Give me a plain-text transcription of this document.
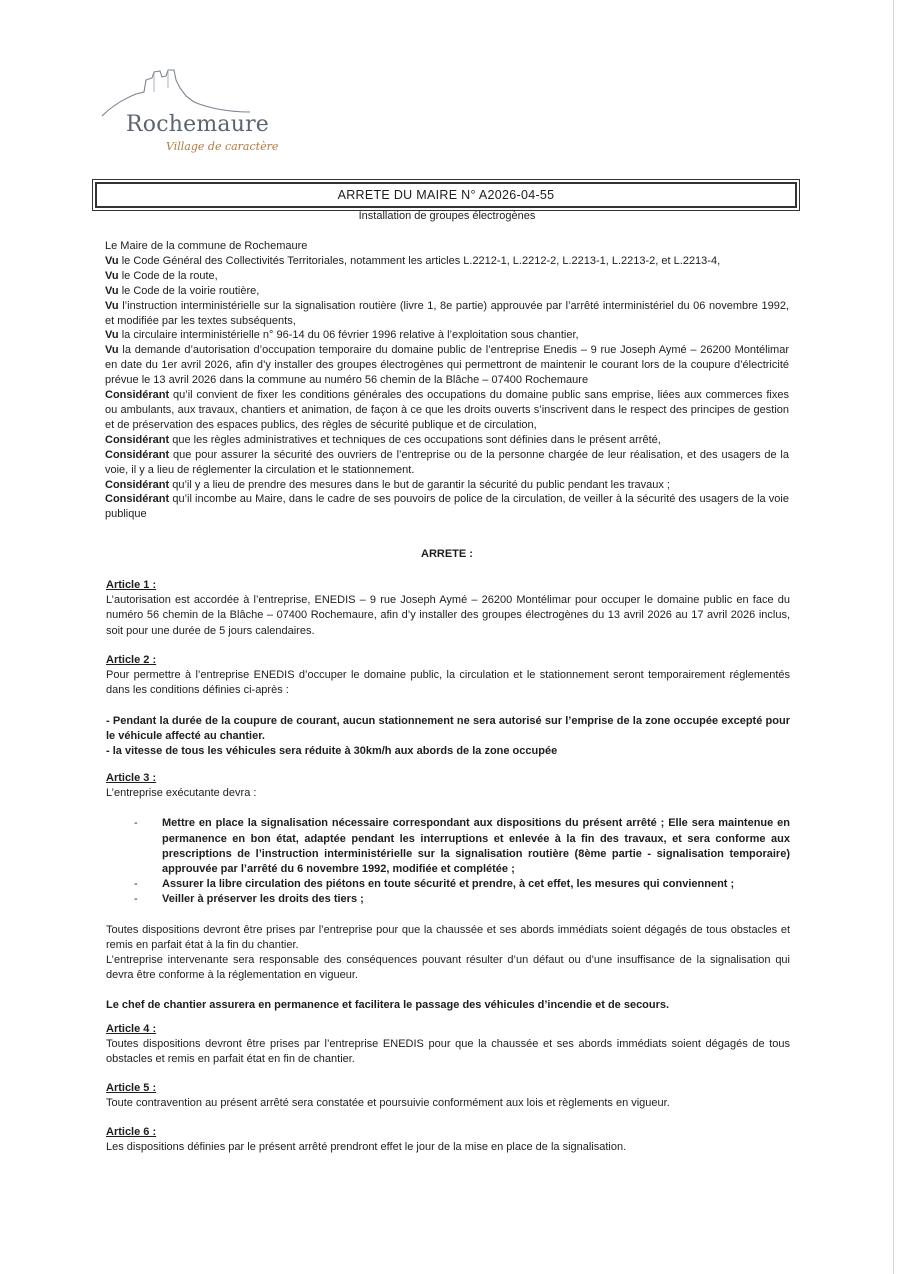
Rochemaure

Village de caractère

ARRETE DU MAIRE N° A2026-04-55

Installation de groupes électrogènes

Le Maire de la commune de Rochemaure

Vu le Code Général des Collectivités Territoriales, notamment les articles L.2212-1, L.2212-2, L.2213-1, L.2213-2, et L.2213-4,

Vu le Code de la route,

Vu le Code de la voirie routière,

Vu l’instruction interministérielle sur la signalisation routière (livre 1, 8e partie) approuvée par l’arrêté interministériel du 06 novembre 1992, et modifiée par les textes subséquents,

Vu la circulaire interministérielle n° 96-14 du 06 février 1996 relative à l’exploitation sous chantier,

Vu la demande d’autorisation d’occupation temporaire du domaine public de l’entreprise Enedis – 9 rue Joseph Aymé – 26200 Montélimar en date du 1er avril 2026, afin d’y installer des groupes électrogènes qui permettront de maintenir le courant lors de la coupure d’électricité prévue le 13 avril 2026 dans la commune au numéro 56 chemin de la Blâche – 07400 Rochemaure

Considérant qu’il convient de fixer les conditions générales des occupations du domaine public sans emprise, liées aux commerces fixes ou ambulants, aux travaux, chantiers et animation, de façon à ce que les droits ouverts s’inscrivent dans le respect des principes de gestion et de préservation des espaces publics, des règles de sécurité publique et de circulation,

Considérant que les règles administratives et techniques de ces occupations sont définies dans le présent arrêté,

Considérant que pour assurer la sécurité des ouvriers de l’entreprise ou de la personne chargée de leur réalisation, et des usagers de la voie, il y a lieu de réglementer la circulation et le stationnement.

Considérant qu’il y a lieu de prendre des mesures dans le but de garantir la sécurité du public pendant les travaux ;

Considérant qu’il incombe au Maire, dans le cadre de ses pouvoirs de police de la circulation, de veiller à la sécurité des usagers de la voie publique

ARRETE :

Article 1 :

L’autorisation est accordée à l’entreprise, ENEDIS – 9 rue Joseph Aymé – 26200 Montélimar pour occuper le domaine public en face du numéro 56 chemin de la Blâche – 07400 Rochemaure, afin d’y installer des groupes électrogènes du 13 avril 2026 au 17 avril 2026 inclus, soit pour une durée de 5 jours calendaires.

Article 2 :

Pour permettre à l’entreprise ENEDIS d’occuper le domaine public, la circulation et le stationnement seront temporairement réglementés dans les conditions définies ci-après :

- Pendant la durée de la coupure de courant, aucun stationnement ne sera autorisé sur l’emprise de la zone occupée excepté pour le véhicule affecté au chantier.

- la vitesse de tous les véhicules sera réduite à 30km/h aux abords de la zone occupée

Article 3 :

L’entreprise exécutante devra :

- Mettre en place la signalisation nécessaire correspondant aux dispositions du présent arrêté ; Elle sera maintenue en permanence en bon état, adaptée pendant les interruptions et enlevée à la fin des travaux, et sera conforme aux prescriptions de l’instruction interministérielle sur la signalisation routière (8ème partie - signalisation temporaire) approuvée par l’arrêté du 6 novembre 1992, modifiée et complétée ;
- Assurer la libre circulation des piétons en toute sécurité et prendre, à cet effet, les mesures qui conviennent ;
- Veiller à préserver les droits des tiers ;

Toutes dispositions devront être prises par l’entreprise pour que la chaussée et ses abords immédiats soient dégagés de tous obstacles et remis en parfait état à la fin du chantier.

L’entreprise intervenante sera responsable des conséquences pouvant résulter d’un défaut ou d’une insuffisance de la signalisation qui devra être conforme à la réglementation en vigueur.

Le chef de chantier assurera en permanence et facilitera le passage des véhicules d’incendie et de secours.

Article 4 :

Toutes dispositions devront être prises par l’entreprise ENEDIS pour que la chaussée et ses abords immédiats soient dégagés de tous obstacles et remis en parfait état en fin de chantier.

Article 5 :

Toute contravention au présent arrêté sera constatée et poursuivie conformément aux lois et règlements en vigueur.

Article 6 :

Les dispositions définies par le présent arrêté prendront effet le jour de la mise en place de la signalisation.
